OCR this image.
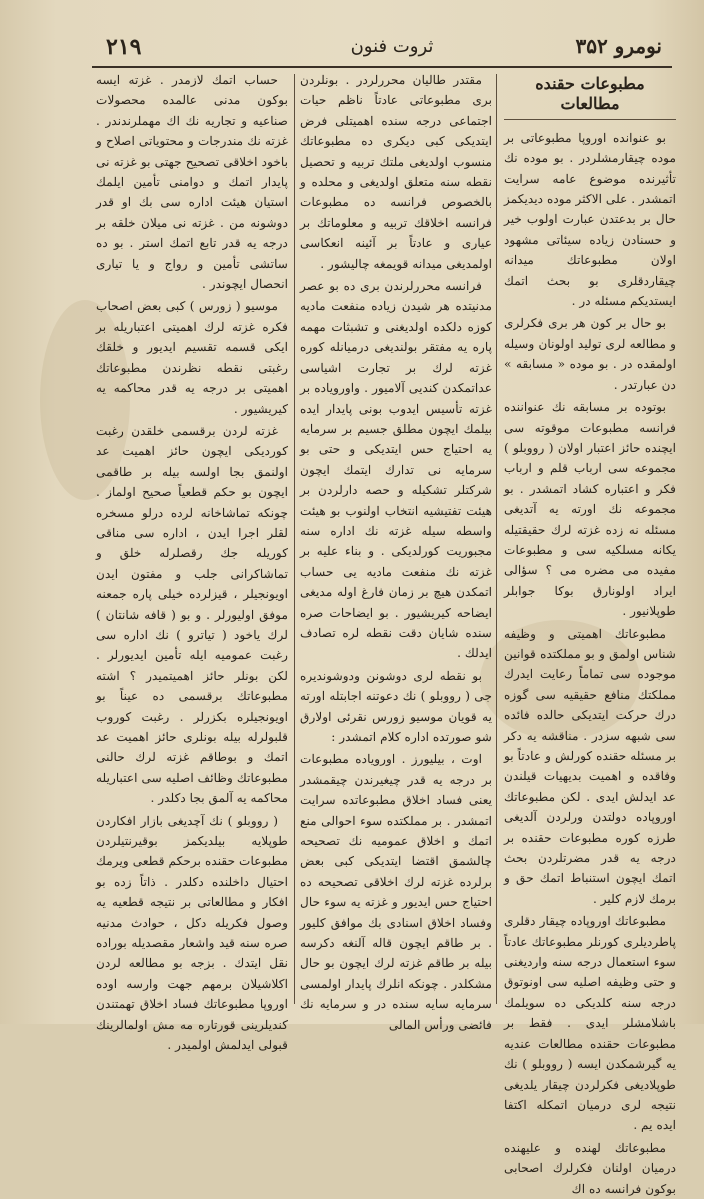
۲۱۹	ثروت فنون	نومرو ۳۵۲

مطبوعات حقنده مطالعات

بو عنوانده اوروپا مطبوعاتی بر موده چیقارمشلردر . بو موده نك تأثیرنده موضوع عامه سرایت اتمشدر . علی الاکثر موده دیدیکمز حال بر بدعتدن عبارت اولوب خیر و حسنادن زیاده سیئاتی مشهود اولان مطبوعاتك میدانه چیقاردقلری بو بحث اتمك ایستدیکم مسئله در .

بو حال بر کون هر بری فکرلری و مطالعه لری تولید اولونان وسیله اولمقده در . بو موده « مسابقه » دن عبارتدر .

بوتوده بر مسابقه نك عنواننده فرانسه مطبوعات موقوته سی ایچنده حائز اعتبار اولان ( رووبلو ) مجموعه سی ارباب قلم و ارباب فکر و اعتباره کشاد اتمشدر . بو مجموعه نك اورته یه آتدیغی مسئله نه زده غزته لرك حقیقتیله یکانه مسلکیه سی و مطبوعات مفیده می مضره می ؟ سؤالی ایراد اولونارق بوکا جوابلر طوپلانیور .

مطبوعاتك اهمیتی و وظیفه شناس اولمق و بو مملکتده قوانین موجوده سی تماماً رعایت ایدرك مملکتك منافع حقیقیه سی گوزه درك حرکت ایتدیکی حالده فائده سی شبهه سزدر . مناقشه یه دکر بر مسئله حقنده کورلش و عادتاً بو وفاقده و اهمیت بدیهیات قیلندن عد ایدلش ایدی . لکن مطبوعاتك اوروپاده دولتدن ورلردن آلدیغی طرزه کوره مطبوعات حقنده بر درجه یه قدر مضرتلردن بحث اتمك ایچون استنباط اتمك حق و برمك لازم کلیر .

مطبوعاتك اوروپاده چیقار دقلری پاطردیلری کورنلر مطبوعاتك عادتاً سوء استعمال درجه سنه واردیغنی و حتی وظیفه اصلیه سی اونوتوق درجه سنه کلدیکی ده سویلمك باشلامشلر ایدی . فقط بر مطبوعات حقنده مطالعات عندیه یه گیرشمکدن ایسه ( رووبلو ) نك طوپلادیغی فکرلردن چیقار یلدیغی نتیجه لری درمیان اتمکله اکتفا ایده یم .

مطبوعاتك لهنده و علیهنده درمیان اولنان فکرلرك اصحابی بوکون فرانسه ده اك

مقتدر طالیان محررلردر . بونلردن بری مطبوعاتی عادتاً ناظم حیات اجتماعی درجه سنده اهمیتلی فرض ایتدیکی کبی دیکری ده مطبوعاتك منسوب اولدیغی ملتك تربیه و تحصیل نقطه سنه متعلق اولدیغی و محلده و بالخصوص فرانسه ده مطبوعات فرانسه اخلاقك تربیه و معلوماتك بر عیاری و عادتاً بر آئینه انعکاسی اولمدیغی میدانه قویمغه چالیشور .

فرانسه محررلرندن بری ده بو عصر مدنیتده هر شیدن زیاده منفعت مادیه کوزه دلکده اولدیغنی و تشبثات مهمه پاره یه مفتقر بولندیغی درمیانله کوره غزته لرك بر تجارت اشیاسی عداتمکدن کندیی آلامیور . واورویاده بر غزته تأسیس ایدوب بونی پایدار ایده بیلمك ایچون مطلق جسیم بر سرمایه یه احتیاج حس ایتدیکی و حتی بو سرمایه نی تدارك ایتمك ایچون شرکتلر تشکیله و حصه دارلردن بر هیئت تفتیشیه انتخاب اولنوب بو هیئت واسطه سیله غزته نك اداره سنه مجبوریت کورلدیکی . و بناء علیه بر غزته نك منفعت مادیه یی حساب اتمکدن هیچ بر زمان فارغ اوله مدیغی ایضاحه کیریشیور . بو ایضاحات صره سنده شایان دقت نقطه لره تصادف ایدلك .

بو نقطه لری دوشونن ودوشوندیره جی ( رووبلو ) نك دعوتنه اجابتله اورته یه قویان موسیو زورس نقرئی اولارق شو صورتده اداره کلام اتمشدر :

اوت ، بیلیورز . اورویاده مطبوعات بر درجه یه قدر چیغیرندن چیقمشدر یعنی فساد اخلاق مطبوعاتده سرایت اتمشدر . بر مملکتده سوء احوالی منع اتمك و اخلاق عمومیه نك تصحیحه چالشمق اقتضا ایتدیکی کبی بعض برلرده غزته لرك اخلاقی تصحیحه ده احتیاج حس ایدیور و غزته یه سوء حال وفساد اخلاق اسنادی بك موافق کلیور . بر طاقم ایچون قاله آلنغه دکرسه بیله بر طاقم غزته لرك ایچون بو حال مشکلدر . چونکه انلرك پایدار اولمسی سرمایه سایه سنده در و سرمایه نك فائضی ورأس المالی

حساب اتمك لازمدر . غزته ایسه بوکون مدنی عالمده محصولات صناعیه و تجاریه نك اك مهملرندندر . غزته نك مندرجات و محتویاتی اصلاح و باخود اخلاقی تصحیح جهتی بو غزته نی پایدار اتمك و دوامنی تأمین ایلمك استیان هیئت اداره سی بك او قدر دوشونه من . غزته نی میلان خلقه بر درجه یه قدر تابع اتمك استر . بو ده ساتشی تأمین و رواج و یا تیاری انحصال ایچوندر .

موسیو ( زورس ) کبی بعض اصحاب فکره غزته لرك اهمیتی اعتباریله بر ایکی قسمه تقسیم ایدیور و خلقك رغبتی نقطه نظرندن مطبوعاتك اهمیتی بر درجه یه قدر محاکمه یه کیریشیور .

غزته لردن برقسمی خلقدن رغبت کوردیکی ایچون حائز اهمیت عد اولنمق بجا اولسه بیله بر طاقمی ایچون بو حکم قطعیاً صحیح اولماز . چونکه تماشاخانه لرده درلو مسخره لقلر اجرا ایدن ، اداره سی مناقی کوریله جك رقصلرله خلق و تماشاکرانی جلب و مفتون ایدن اویونجیلر ، قیزلرده خیلی پاره جمعنه موفق اولیورلر . و بو ( قافه شانتان ) لرك یاخود ( تیاترو ) نك اداره سی رغبت عمومیه ایله تأمین ایدیورلر . لکن بونلر حائز اهمیتمیدر ؟ اشته مطبوعاتك برقسمی ده عیناً بو اویونجیلره بکزرلر . رغبت کوروب قلبولرله بیله بونلری حائز اهمیت عد اتمك و بوطاقم غزته لرك حالنی مطبوعاتك وظائف اصلیه سی اعتباریله محاکمه یه آلمق بجا دکلدر .

( رووبلو ) نك آچدیغی بازار افکاردن طوپلایه بیلدیکمز بوقیرنتیلردن مطبوعات حقنده برحکم قطعی ویرمك احتیال داخلنده دکلدر . ذاتاً زده بو افکار و مطالعاتی بر نتیجه قطعیه یه وصول فکریله دکل ، حوادث مدنیه صره سنه قید واشعار مقصدیله بوراده نقل ایتدك . بزجه بو مطالعه لردن اکلاشیلان برمهم جهت وارسه اوده اوروپا مطبوعاتك فساد اخلاق تهمتندن کندیلرینی قورتاره مه مش اولمالرینك قبولی ایدلمش اولمیدر .
